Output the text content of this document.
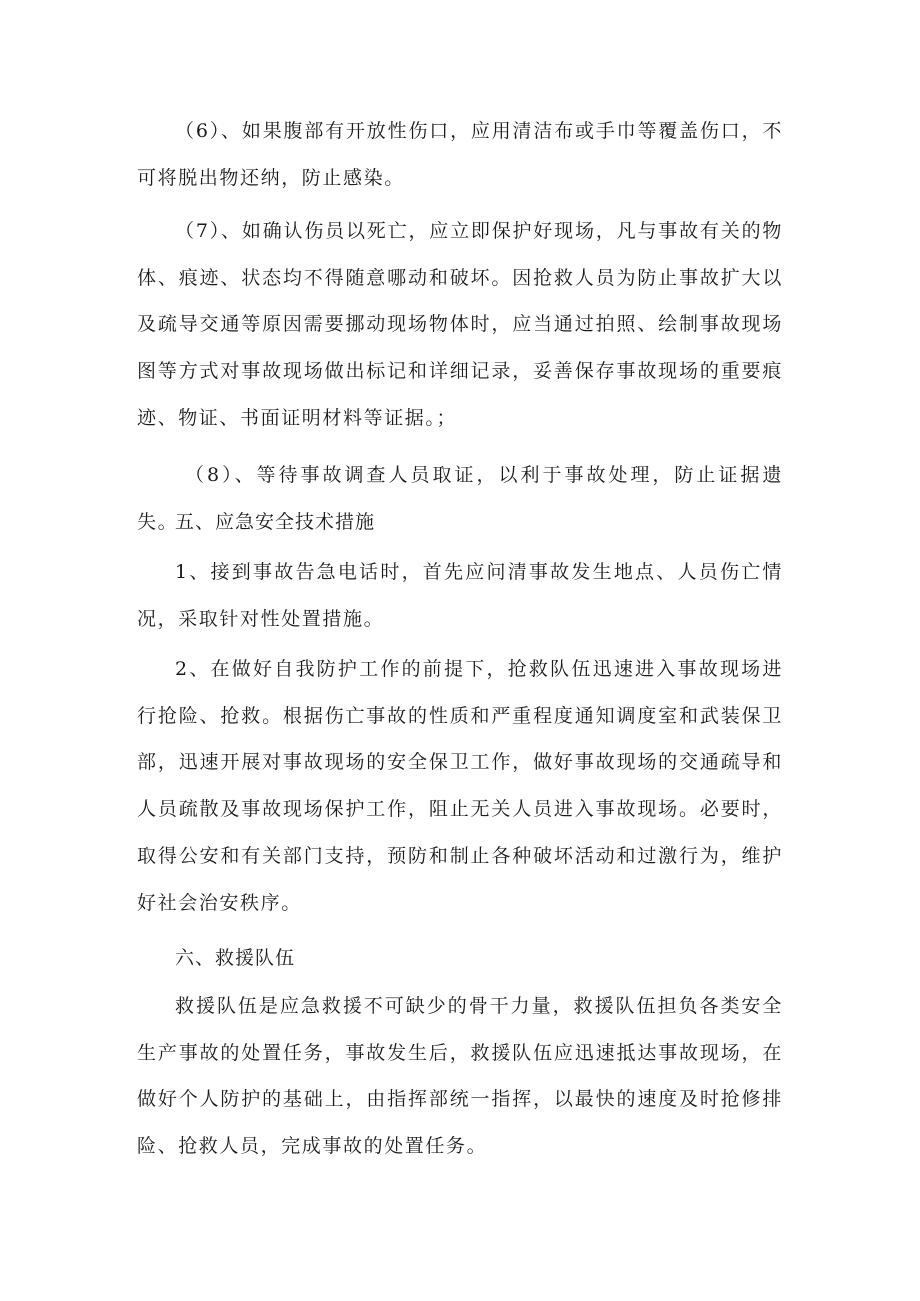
（6）、如果腹部有开放性伤口，应用清洁布或手巾等覆盖伤口，不可将脱出物还纳，防止感染。

（7）、如确认伤员以死亡，应立即保护好现场，凡与事故有关的物体、痕迹、状态均不得随意哪动和破坏。因抢救人员为防止事故扩大以及疏导交通等原因需要挪动现场物体时，应当通过拍照、绘制事故现场图等方式对事故现场做出标记和详细记录，妥善保存事故现场的重要痕迹、物证、书面证明材料等证据。；

（8）、等待事故调查人员取证，以利于事故处理，防止证据遗失。

五、应急安全技术措施

1、接到事故告急电话时，首先应问清事故发生地点、人员伤亡情况，采取针对性处置措施。

2、在做好自我防护工作的前提下，抢救队伍迅速进入事故现场进行抢险、抢救。根据伤亡事故的性质和严重程度通知调度室和武装保卫部，迅速开展对事故现场的安全保卫工作，做好事故现场的交通疏导和人员疏散及事故现场保护工作，阻止无关人员进入事故现场。必要时，取得公安和有关部门支持，预防和制止各种破坏活动和过激行为，维护好社会治安秩序。

六、救援队伍

救援队伍是应急救援不可缺少的骨干力量，救援队伍担负各类安全生产事故的处置任务，事故发生后，救援队伍应迅速抵达事故现场，在做好个人防护的基础上，由指挥部统一指挥，以最快的速度及时抢修排险、抢救人员，完成事故的处置任务。
